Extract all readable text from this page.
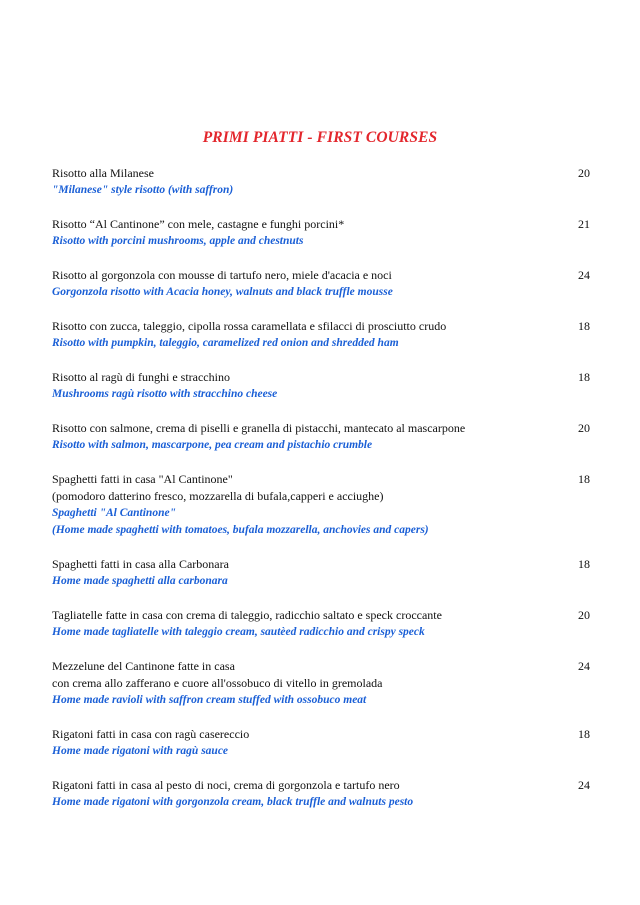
PRIMI PIATTI - FIRST COURSES
Risotto alla Milanese
"Milanese" style risotto (with saffron)
20
Risotto “Al Cantinone” con mele, castagne e funghi porcini*
Risotto with porcini mushrooms, apple and chestnuts
21
Risotto al gorgonzola con mousse di tartufo nero, miele d'acacia e noci
Gorgonzola risotto with Acacia honey, walnuts and black truffle mousse
24
Risotto con zucca, taleggio, cipolla rossa caramellata e sfilacci di prosciutto crudo
Risotto with pumpkin, taleggio, caramelized red onion and shredded ham
18
Risotto al ragù di funghi e stracchino
Mushrooms ragù risotto with stracchino cheese
18
Risotto con salmone, crema di piselli e granella di pistacchi, mantecato al mascarpone
Risotto with salmon, mascarpone, pea cream and pistachio crumble
20
Spaghetti fatti in casa "Al Cantinone"
(pomodoro datterino fresco, mozzarella di bufala,capperi e acciughe)
Spaghetti "Al Cantinone"
(Home made spaghetti with tomatoes, bufala mozzarella, anchovies and capers)
18
Spaghetti fatti in casa alla Carbonara
Home made spaghetti alla carbonara
18
Tagliatelle fatte in casa con crema di taleggio, radicchio saltato e speck croccante
Home made tagliatelle with taleggio cream, sautèed radicchio and crispy speck
20
Mezzelune del Cantinone fatte in casa
con crema allo zafferano e cuore all'ossobuco di vitello in gremolada
Home made ravioli with saffron cream stuffed with ossobuco meat
24
Rigatoni fatti in casa con ragù casereccio
Home made rigatoni with ragù sauce
18
Rigatoni fatti in casa al pesto di noci, crema di gorgonzola e tartufo nero
Home made rigatoni with gorgonzola cream, black truffle and walnuts pesto
24
